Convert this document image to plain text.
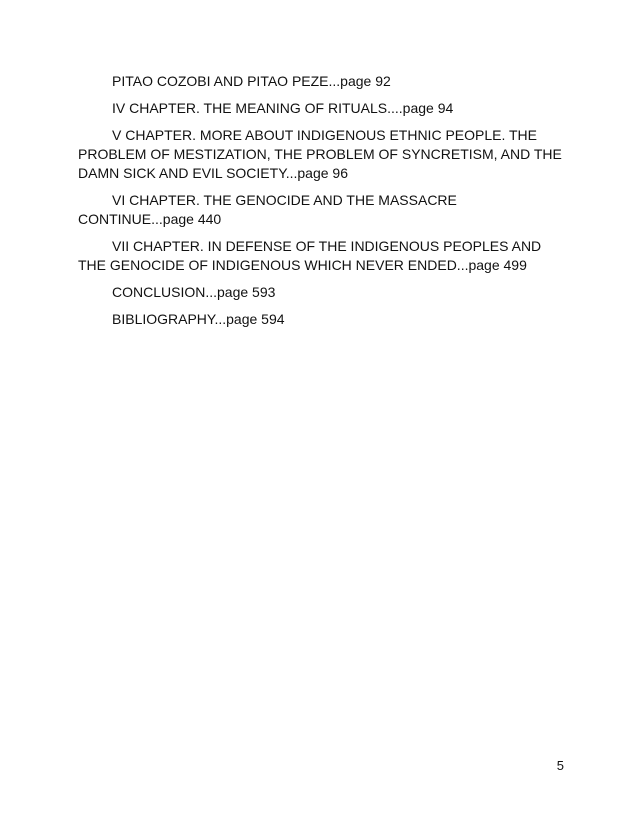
PITAO COZOBI AND PITAO PEZE...page 92

IV CHAPTER. THE MEANING OF RITUALS....page 94

V CHAPTER. MORE ABOUT INDIGENOUS ETHNIC PEOPLE. THE PROBLEM OF MESTIZATION, THE PROBLEM OF SYNCRETISM, AND THE DAMN SICK AND EVIL SOCIETY...page 96

VI CHAPTER. THE GENOCIDE AND THE MASSACRE CONTINUE...page 440

VII CHAPTER. IN DEFENSE OF THE INDIGENOUS PEOPLES AND THE GENOCIDE OF INDIGENOUS WHICH NEVER ENDED...page 499

CONCLUSION...page 593

BIBLIOGRAPHY...page 594

5
